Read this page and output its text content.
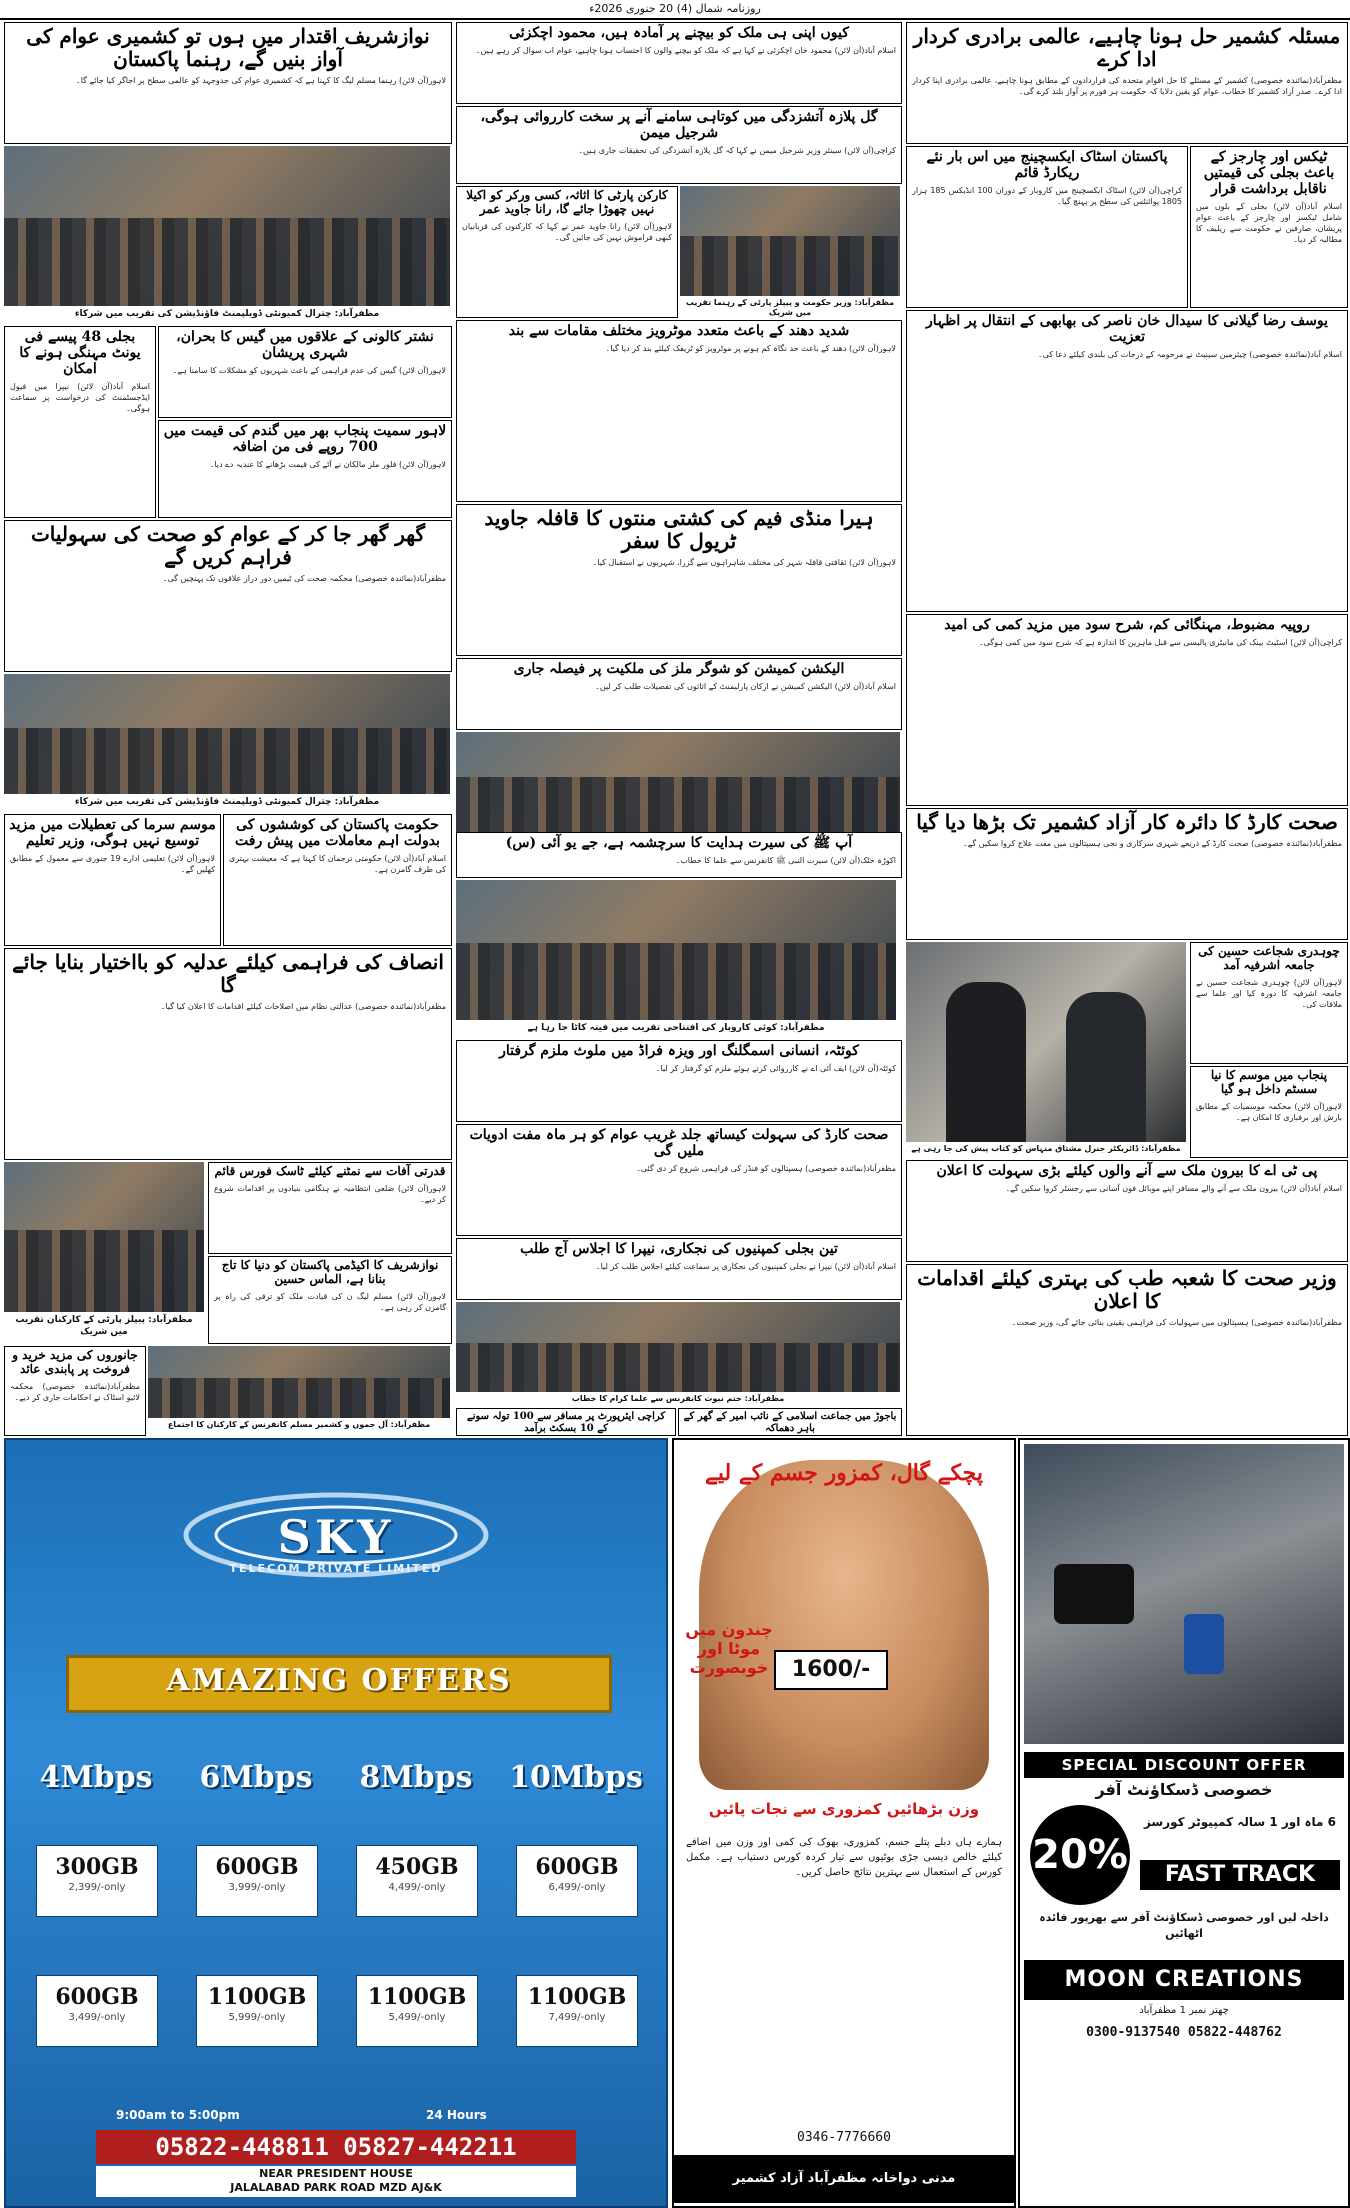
روزنامہ شمال (4) 20 جنوری 2026ء
نوازشریف اقتدار میں ہوں تو کشمیری عوام کی آواز بنیں گے، رہنما پاکستان
لاہور(آن لائن) رہنما مسلم لیگ کا کہنا ہے کہ کشمیری عوام کی جدوجہد کو عالمی سطح پر اجاگر کیا جائے گا۔
مظفرآباد: چترال کمیونٹی ڈویلپمنٹ فاؤنڈیشن کی تقریب میں شرکاء
بجلی 48 پیسے فی یونٹ مہنگی ہونے کا امکان
اسلام آباد(آن لائن) نیپرا میں فیول ایڈجسٹمنٹ کی درخواست پر سماعت ہوگی۔
نشتر کالونی کے علاقوں میں گیس کا بحران، شہری پریشان
لاہور(آن لائن) گیس کی عدم فراہمی کے باعث شہریوں کو مشکلات کا سامنا ہے۔
لاہور سمیت پنجاب بھر میں گندم کی قیمت میں 700 روپے فی من اضافہ
لاہور(آن لائن) فلور ملز مالکان نے آٹے کی قیمت بڑھانے کا عندیہ دے دیا۔
گھر گھر جا کر کے عوام کو صحت کی سہولیات فراہم کریں گے
مظفرآباد(نمائندہ خصوصی) محکمہ صحت کی ٹیمیں دور دراز علاقوں تک پہنچیں گی۔
مظفرآباد: چترال کمیونٹی ڈویلپمنٹ فاؤنڈیشن کی تقریب میں شرکاء
موسم سرما کی تعطیلات میں مزید توسیع نہیں ہوگی، وزیر تعلیم
لاہور(آن لائن) تعلیمی ادارے 19 جنوری سے معمول کے مطابق کھلیں گے۔
حکومت پاکستان کی کوششوں کی بدولت اہم معاملات میں پیش رفت
اسلام آباد(آن لائن) حکومتی ترجمان کا کہنا ہے کہ معیشت بہتری کی طرف گامزن ہے۔
انصاف کی فراہمی کیلئے عدلیہ کو بااختیار بنایا جائے گا
مظفرآباد(نمائندہ خصوصی) عدالتی نظام میں اصلاحات کیلئے اقدامات کا اعلان کیا گیا۔
مظفرآباد: پیپلز پارٹی کے کارکنان تقریب میں شریک
قدرتی آفات سے نمٹنے کیلئے ٹاسک فورس قائم
لاہور(آن لائن) ضلعی انتظامیہ نے ہنگامی بنیادوں پر اقدامات شروع کر دیے۔
نوازشریف کا اکیڈمی پاکستان کو دنیا کا تاج بنانا ہے، الماس حسین
لاہور(آن لائن) مسلم لیگ ن کی قیادت ملک کو ترقی کی راہ پر گامزن کر رہی ہے۔
جانوروں کی مزید خرید و فروخت پر پابندی عائد
مظفرآباد(نمائندہ خصوصی) محکمہ لائیو اسٹاک نے احکامات جاری کر دیے۔
مظفرآباد: آل جموں و کشمیر مسلم کانفرنس کے کارکنان کا اجتماع
کیوں اپنی ہی ملک کو بیچنے پر آمادہ ہیں، محمود اچکزئی
اسلام آباد(آن لائن) محمود خان اچکزئی نے کہا ہے کہ ملک کو بیچنے والوں کا احتساب ہونا چاہیے، عوام اب سوال کر رہے ہیں۔
گل پلازہ آتشزدگی میں کوتاہی سامنے آنے پر سخت کارروائی ہوگی، شرجیل میمن
کراچی(آن لائن) سینئر وزیر شرجیل میمن نے کہا کہ گل پلازہ آتشزدگی کی تحقیقات جاری ہیں۔
مظفرآباد: وزیر حکومت و پیپلز پارٹی کے رہنما تقریب میں شریک
کارکن پارٹی کا اثاثہ، کسی ورکر کو اکیلا نہیں چھوڑا جائے گا، رانا جاوید عمر
لاہور(آن لائن) رانا جاوید عمر نے کہا کہ کارکنوں کی قربانیاں کبھی فراموش نہیں کی جائیں گی۔
شدید دھند کے باعث متعدد موٹرویز مختلف مقامات سے بند
لاہور(آن لائن) دھند کے باعث حد نگاہ کم ہونے پر موٹرویز کو ٹریفک کیلئے بند کر دیا گیا۔
ہیرا منڈی فیم کی کشتی منتوں کا قافلہ جاوید ٹریول کا سفر
لاہور(آن لائن) ثقافتی قافلہ شہر کی مختلف شاہراہوں سے گزرا، شہریوں نے استقبال کیا۔
الیکشن کمیشن کو شوگر ملز کی ملکیت پر فیصلہ جاری
اسلام آباد(آن لائن) الیکشن کمیشن نے ارکان پارلیمنٹ کے اثاثوں کی تفصیلات طلب کر لیں۔
آپ ﷺ کی سیرت ہدایت کا سرچشمہ ہے، جے یو آئی (س)
اکوڑہ خٹک(آن لائن) سیرت النبی ﷺ کانفرنس سے علما کا خطاب۔
مظفرآباد: کوئی کاروبار کی افتتاحی تقریب میں فیتہ کاٹا جا رہا ہے
کوئٹہ، انسانی اسمگلنگ اور ویزہ فراڈ میں ملوث ملزم گرفتار
کوئٹہ(آن لائن) ایف آئی اے نے کارروائی کرتے ہوئے ملزم کو گرفتار کر لیا۔
صحت کارڈ کی سہولت کیساتھ جلد غریب عوام کو ہر ماہ مفت ادویات ملیں گی
مظفرآباد(نمائندہ خصوصی) ہسپتالوں کو فنڈز کی فراہمی شروع کر دی گئی۔
تین بجلی کمپنیوں کی نجکاری، نیپرا کا اجلاس آج طلب
اسلام آباد(آن لائن) نیپرا نے بجلی کمپنیوں کی نجکاری پر سماعت کیلئے اجلاس طلب کر لیا۔
مظفرآباد: ختم نبوت کانفرنس سے علما کرام کا خطاب
باجوڑ میں جماعت اسلامی کے نائب امیر کے گھر کے باہر دھماکہ
کراچی ایئرپورٹ پر مسافر سے 100 تولہ سونے کے 10 بسکٹ برآمد
مسئلہ کشمیر حل ہونا چاہیے، عالمی برادری کردار ادا کرے
مظفرآباد(نمائندہ خصوصی) کشمیر کے مسئلے کا حل اقوام متحدہ کی قراردادوں کے مطابق ہونا چاہیے، عالمی برادری اپنا کردار ادا کرے۔ صدر آزاد کشمیر کا خطاب، عوام کو یقین دلایا کہ حکومت ہر فورم پر آواز بلند کرے گی۔
ٹیکس اور چارجز کے باعث بجلی کی قیمتیں ناقابل برداشت قرار
اسلام آباد(آن لائن) بجلی کے بلوں میں شامل ٹیکسز اور چارجز کے باعث عوام پریشان، صارفین نے حکومت سے ریلیف کا مطالبہ کر دیا۔
پاکستان اسٹاک ایکسچینج میں اس بار نئے ریکارڈ قائم
کراچی(آن لائن) اسٹاک ایکسچینج میں کاروبار کے دوران 100 انڈیکس 185 ہزار 1805 پوائنٹس کی سطح پر پہنچ گیا۔
یوسف رضا گیلانی کا سیدال خان ناصر کی بھابھی کے انتقال پر اظہار تعزیت
اسلام آباد(نمائندہ خصوصی) چیئرمین سینیٹ نے مرحومہ کے درجات کی بلندی کیلئے دعا کی۔
روپیہ مضبوط، مہنگائی کم، شرح سود میں مزید کمی کی امید
کراچی(آن لائن) اسٹیٹ بینک کی مانیٹری پالیسی سے قبل ماہرین کا اندازہ ہے کہ شرح سود میں کمی ہوگی۔
صحت کارڈ کا دائرہ کار آزاد کشمیر تک بڑھا دیا گیا
مظفرآباد(نمائندہ خصوصی) صحت کارڈ کے ذریعے شہری سرکاری و نجی ہسپتالوں میں مفت علاج کروا سکیں گے۔
چوہدری شجاعت حسین کی جامعہ اشرفیہ آمد
لاہور(آن لائن) چوہدری شجاعت حسین نے جامعہ اشرفیہ کا دورہ کیا اور علما سے ملاقات کی۔
پنجاب میں موسم کا نیا سسٹم داخل ہو گیا
لاہور(آن لائن) محکمہ موسمیات کے مطابق بارش اور برفباری کا امکان ہے۔
مظفرآباد: ڈائریکٹر جنرل مشتاق منہاس کو کتاب پیش کی جا رہی ہے
پی ٹی اے کا بیرون ملک سے آنے والوں کیلئے بڑی سہولت کا اعلان
اسلام آباد(آن لائن) بیرون ملک سے آنے والے مسافر اپنے موبائل فون آسانی سے رجسٹر کروا سکیں گے۔
وزیر صحت کا شعبہ طب کی بہتری کیلئے اقدامات کا اعلان
مظفرآباد(نمائندہ خصوصی) ہسپتالوں میں سہولیات کی فراہمی یقینی بنائی جائے گی، وزیر صحت۔
SKY
TELECOM PRIVATE LIMITED
AMAZING OFFERS
4Mbps	6Mbps	8Mbps	10Mbps
300GB
2,399/-only
600GB
3,999/-only
450GB
4,499/-only
600GB
6,499/-only
600GB
3,499/-only
1100GB
5,999/-only
1100GB
5,499/-only
1100GB
7,499/-only
9:00am to 5:00pm	24 Hours
05822-448811 05827-442211
NEAR PRESIDENT HOUSE
JALALABAD PARK ROAD MZD AJ&K
پچکے گال، کمزور جسم کے لیے
چندون میں موٹا اور خوبصورت	1600/-
وزن بڑھائیں کمزوری سے نجات پائیں
ہمارے ہاں دبلے پتلے جسم، کمزوری، بھوک کی کمی اور وزن میں اضافے کیلئے خالص دیسی جڑی بوٹیوں سے تیار کردہ کورس دستیاب ہے۔ مکمل کورس کے استعمال سے بہترین نتائج حاصل کریں۔
0346-7776660
مدنی دواخانہ مظفرآباد آزاد کشمیر
SPECIAL DISCOUNT OFFER
خصوصی ڈسکاؤنٹ آفر
20%
6 ماہ اور 1 سالہ کمپیوٹر کورسز
FAST TRACK
داخلہ لیں اور خصوصی ڈسکاؤنٹ آفر سے بھرپور فائدہ اٹھائیں
MOON CREATIONS
چھتر نمبر 1 مظفرآباد
0300-9137540 05822-448762
